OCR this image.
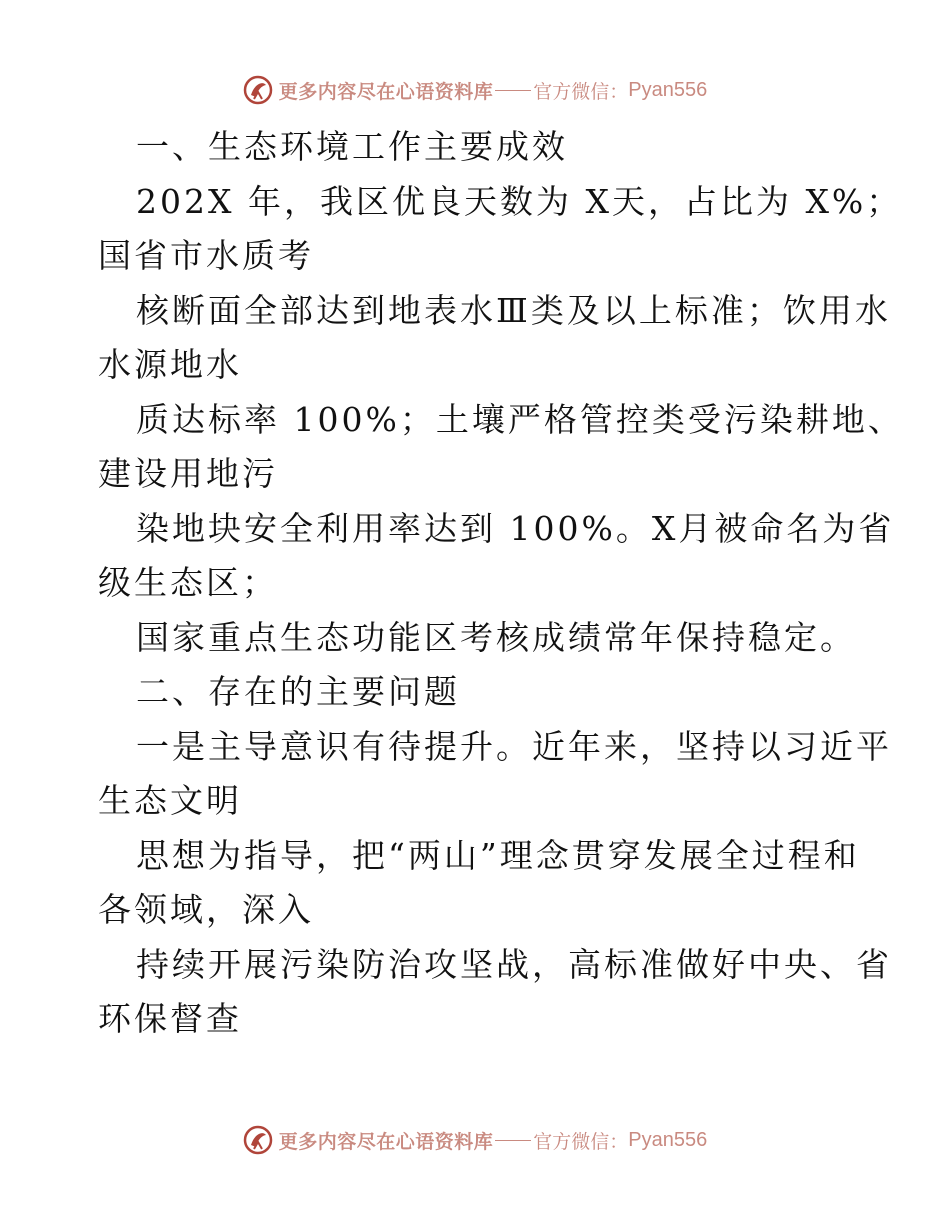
更多内容尽在心语资料库 官方微信： Pyan556
一、生态环境工作主要成效
202X 年，我区优良天数为 X天，占比为 X%；
国省市水质考
核断面全部达到地表水Ⅲ类及以上标准；饮用水
水源地水
质达标率 100%；土壤严格管控类受污染耕地、
建设用地污
染地块安全利用率达到 100%。X月被命名为省
级生态区；
国家重点生态功能区考核成绩常年保持稳定。
二、存在的主要问题
一是主导意识有待提升。近年来，坚持以习近平
生态文明
思想为指导，把“两山”理念贯穿发展全过程和
各领域，深入
持续开展污染防治攻坚战，高标准做好中央、省
环保督查
更多内容尽在心语资料库 官方微信： Pyan556
